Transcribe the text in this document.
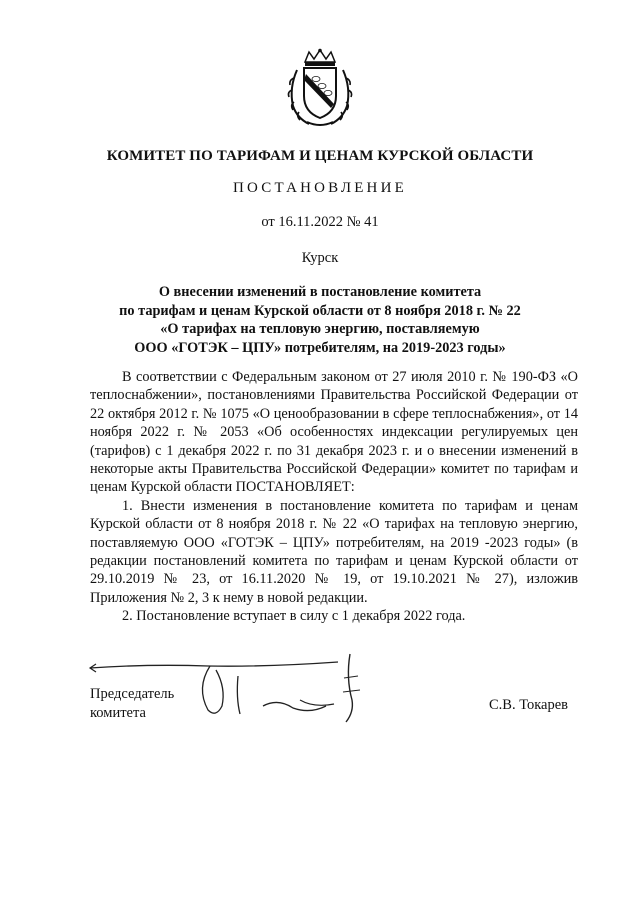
КОМИТЕТ ПО ТАРИФАМ И ЦЕНАМ КУРСКОЙ ОБЛАСТИ
ПОСТАНОВЛЕНИЕ
от 16.11.2022 № 41
Курск
О внесении изменений в постановление комитета
по тарифам и ценам Курской области от 8 ноября 2018 г. № 22
«О тарифах на тепловую энергию, поставляемую
ООО «ГОТЭК – ЦПУ» потребителям, на 2019-2023 годы»

В соответствии с Федеральным законом от 27 июля 2010 г. № 190-ФЗ «О теплоснабжении», постановлениями Правительства Российской Федерации от 22 октября 2012 г. № 1075 «О ценообразовании в сфере теплоснабжения», от 14 ноября 2022 г. № 2053 «Об особенностях индексации регулируемых цен (тарифов) с 1 декабря 2022 г. по 31 декабря 2023 г. и о внесении изменений в некоторые акты Правительства Российской Федерации» комитет по тарифам и ценам Курской области ПОСТАНОВЛЯЕТ:

1. Внести изменения в постановление комитета по тарифам и ценам Курской области от 8 ноября 2018 г. № 22 «О тарифах на тепловую энергию, поставляемую ООО «ГОТЭК – ЦПУ» потребителям, на 2019 -2023 годы» (в редакции постановлений комитета по тарифам и ценам Курской области от 29.10.2019 № 23, от 16.11.2020 № 19, от 19.10.2021 № 27), изложив Приложения № 2, 3 к нему в новой редакции.

2. Постановление вступает в силу с 1 декабря 2022 года.

Председатель
комитета	С.В. Токарев
